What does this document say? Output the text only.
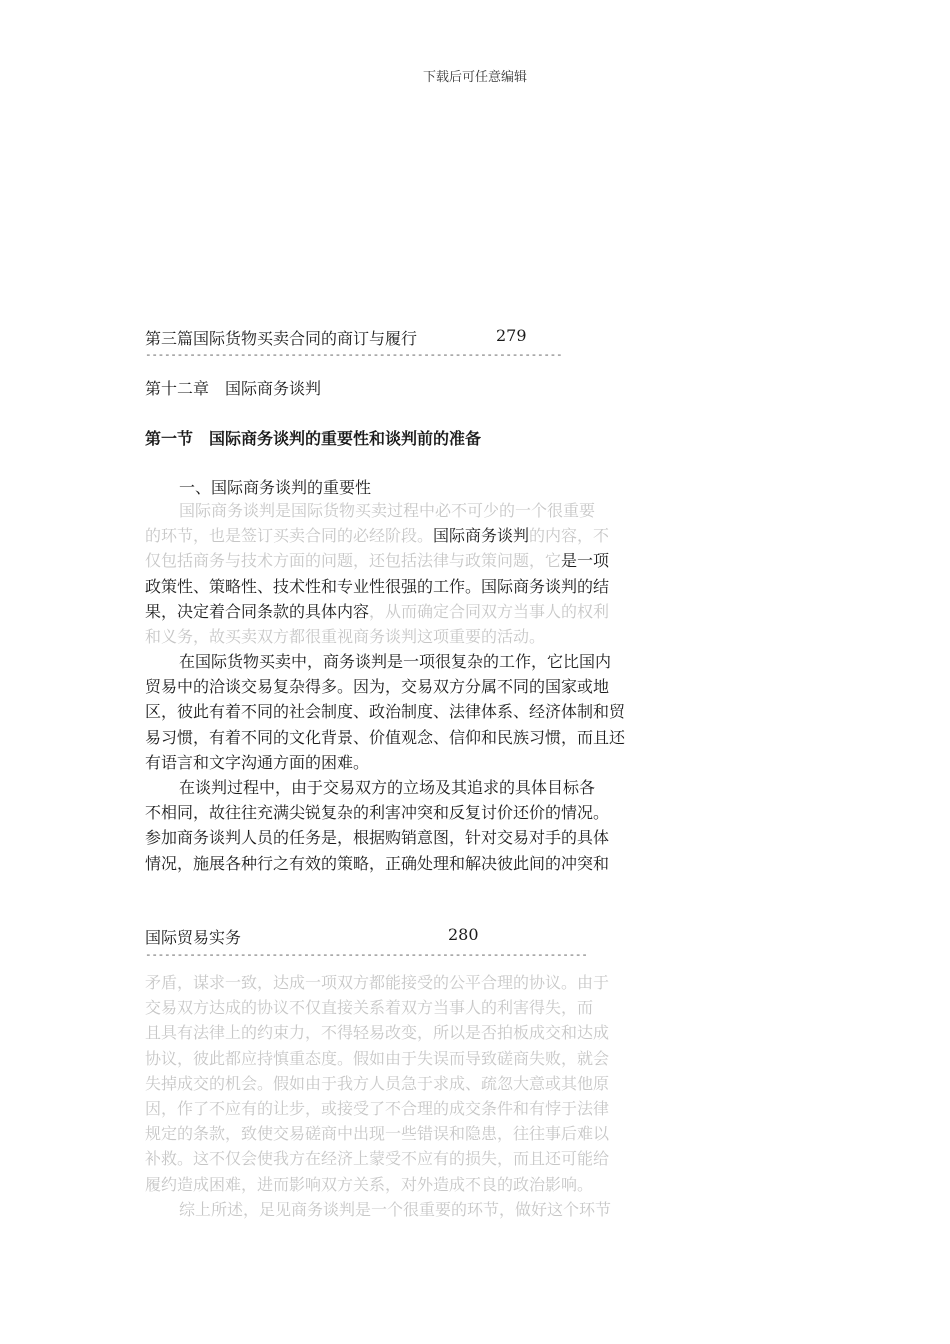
下载后可任意编辑
第三篇国际货物买卖合同的商订与履行	279
------------------------------------------------------------------
第十二章　国际商务谈判
第一节　国际商务谈判的重要性和谈判前的准备
一、国际商务谈判的重要性
国际商务谈判是国际货物买卖过程中必不可少的一个很重要
的环节，也是签订买卖合同的必经阶段。国际商务谈判的内容，不
仅包括商务与技术方面的问题，还包括法律与政策问题，它是一项
政策性、策略性、技术性和专业性很强的工作。国际商务谈判的结
果，决定着合同条款的具体内容，从而确定合同双方当事人的权利
和义务，故买卖双方都很重视商务谈判这项重要的活动。
在国际货物买卖中，商务谈判是一项很复杂的工作，它比国内
贸易中的洽谈交易复杂得多。因为，交易双方分属不同的国家或地
区，彼此有着不同的社会制度、政治制度、法律体系、经济体制和贸
易习惯，有着不同的文化背景、价值观念、信仰和民族习惯，而且还
有语言和文字沟通方面的困难。
在谈判过程中，由于交易双方的立场及其追求的具体目标各
不相同，故往往充满尖锐复杂的利害冲突和反复讨价还价的情况。
参加商务谈判人员的任务是，根据购销意图，针对交易对手的具体
情况，施展各种行之有效的策略，正确处理和解决彼此间的冲突和
国际贸易实务	280
----------------------------------------------------------------------
矛盾，谋求一致，达成一项双方都能接受的公平合理的协议。由于
交易双方达成的协议不仅直接关系着双方当事人的利害得失，而
且具有法律上的约束力，不得轻易改变，所以是否拍板成交和达成
协议，彼此都应持慎重态度。假如由于失误而导致磋商失败，就会
失掉成交的机会。假如由于我方人员急于求成、疏忽大意或其他原
因，作了不应有的让步，或接受了不合理的成交条件和有悖于法律
规定的条款，致使交易磋商中出现一些错误和隐患，往往事后难以
补救。这不仅会使我方在经济上蒙受不应有的损失，而且还可能给
履约造成困难，进而影响双方关系，对外造成不良的政治影响。
综上所述，足见商务谈判是一个很重要的环节，做好这个环节
